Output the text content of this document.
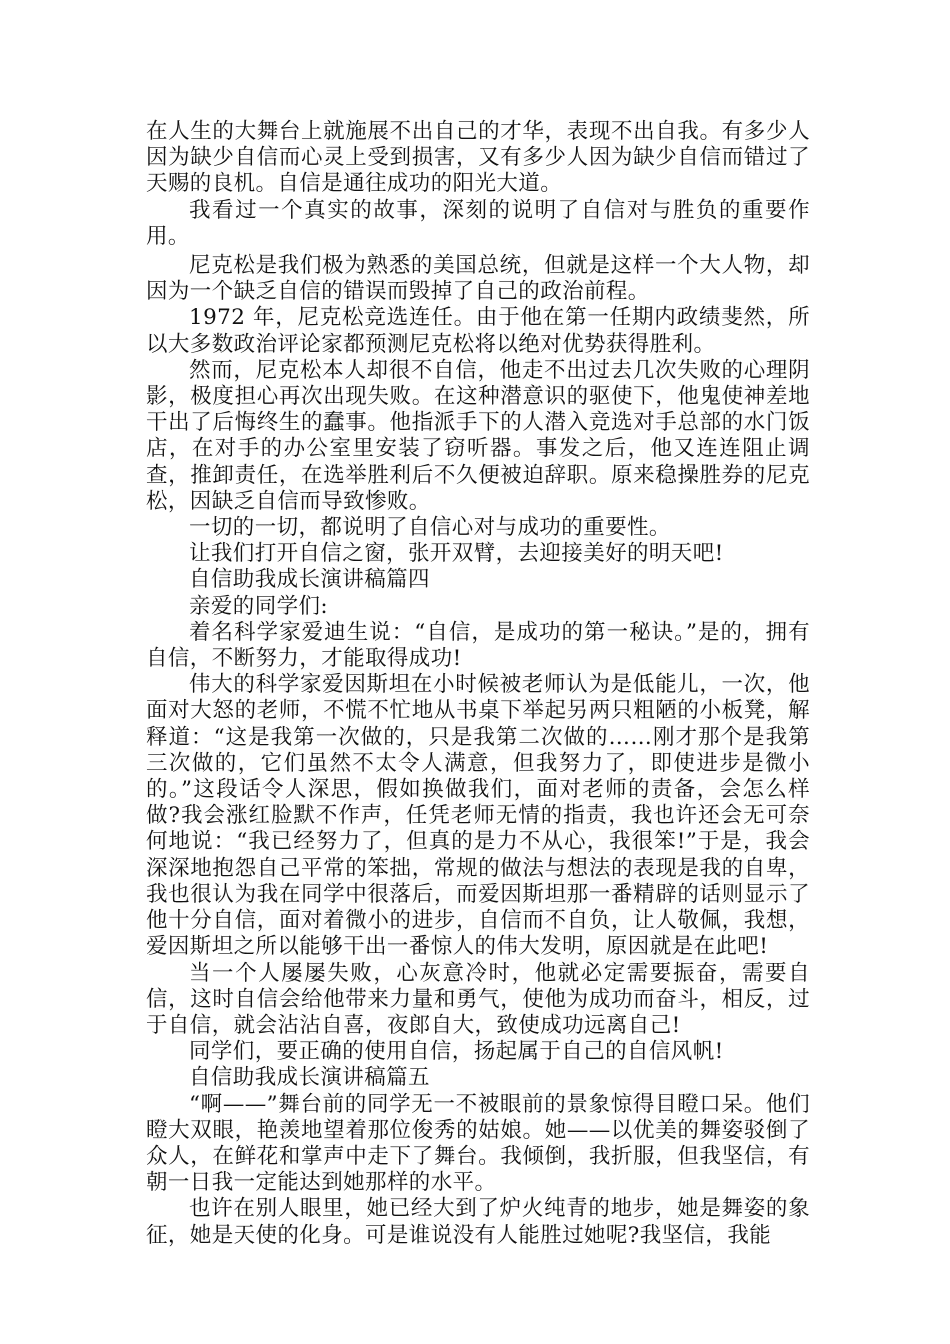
在人生的大舞台上就施展不出自己的才华，表现不出自我。有多少人因为缺少自信而心灵上受到损害，又有多少人因为缺少自信而错过了天赐的良机。自信是通往成功的阳光大道。

我看过一个真实的故事，深刻的说明了自信对与胜负的重要作用。

尼克松是我们极为熟悉的美国总统，但就是这样一个大人物，却因为一个缺乏自信的错误而毁掉了自己的政治前程。

1972 年，尼克松竞选连任。由于他在第一任期内政绩斐然，所以大多数政治评论家都预测尼克松将以绝对优势获得胜利。

然而，尼克松本人却很不自信，他走不出过去几次失败的心理阴影，极度担心再次出现失败。在这种潜意识的驱使下，他鬼使神差地干出了后悔终生的蠢事。他指派手下的人潜入竞选对手总部的水门饭店，在对手的办公室里安装了窃听器。事发之后，他又连连阻止调查，推卸责任，在选举胜利后不久便被迫辞职。原来稳操胜券的尼克松，因缺乏自信而导致惨败。

一切的一切，都说明了自信心对与成功的重要性。

让我们打开自信之窗，张开双臂，去迎接美好的明天吧!

自信助我成长演讲稿篇四

亲爱的同学们:

着名科学家爱迪生说：“自信，是成功的第一秘诀。”是的，拥有自信，不断努力，才能取得成功!

伟大的科学家爱因斯坦在小时候被老师认为是低能儿，一次，他面对大怒的老师，不慌不忙地从书桌下举起另两只粗陋的小板凳，解释道：“这是我第一次做的，只是我第二次做的……刚才那个是我第三次做的，它们虽然不太令人满意，但我努力了，即使进步是微小的。”这段话令人深思，假如换做我们，面对老师的责备，会怎么样做?我会涨红脸默不作声，任凭老师无情的指责，我也许还会无可奈何地说：“我已经努力了，但真的是力不从心，我很笨!”于是，我会深深地抱怨自己平常的笨拙，常规的做法与想法的表现是我的自卑，我也很认为我在同学中很落后，而爱因斯坦那一番精辟的话则显示了他十分自信，面对着微小的进步，自信而不自负，让人敬佩，我想，爱因斯坦之所以能够干出一番惊人的伟大发明，原因就是在此吧!

当一个人屡屡失败，心灰意冷时，他就必定需要振奋，需要自信，这时自信会给他带来力量和勇气，使他为成功而奋斗，相反，过于自信，就会沾沾自喜，夜郎自大，致使成功远离自己!

同学们，要正确的使用自信，扬起属于自己的自信风帆!

自信助我成长演讲稿篇五

“啊——”舞台前的同学无一不被眼前的景象惊得目瞪口呆。他们瞪大双眼，艳羡地望着那位俊秀的姑娘。她——以优美的舞姿驳倒了众人，在鲜花和掌声中走下了舞台。我倾倒，我折服，但我坚信，有朝一日我一定能达到她那样的水平。

也许在别人眼里，她已经大到了炉火纯青的地步，她是舞姿的象征，她是天使的化身。可是谁说没有人能胜过她呢?我坚信，我能
